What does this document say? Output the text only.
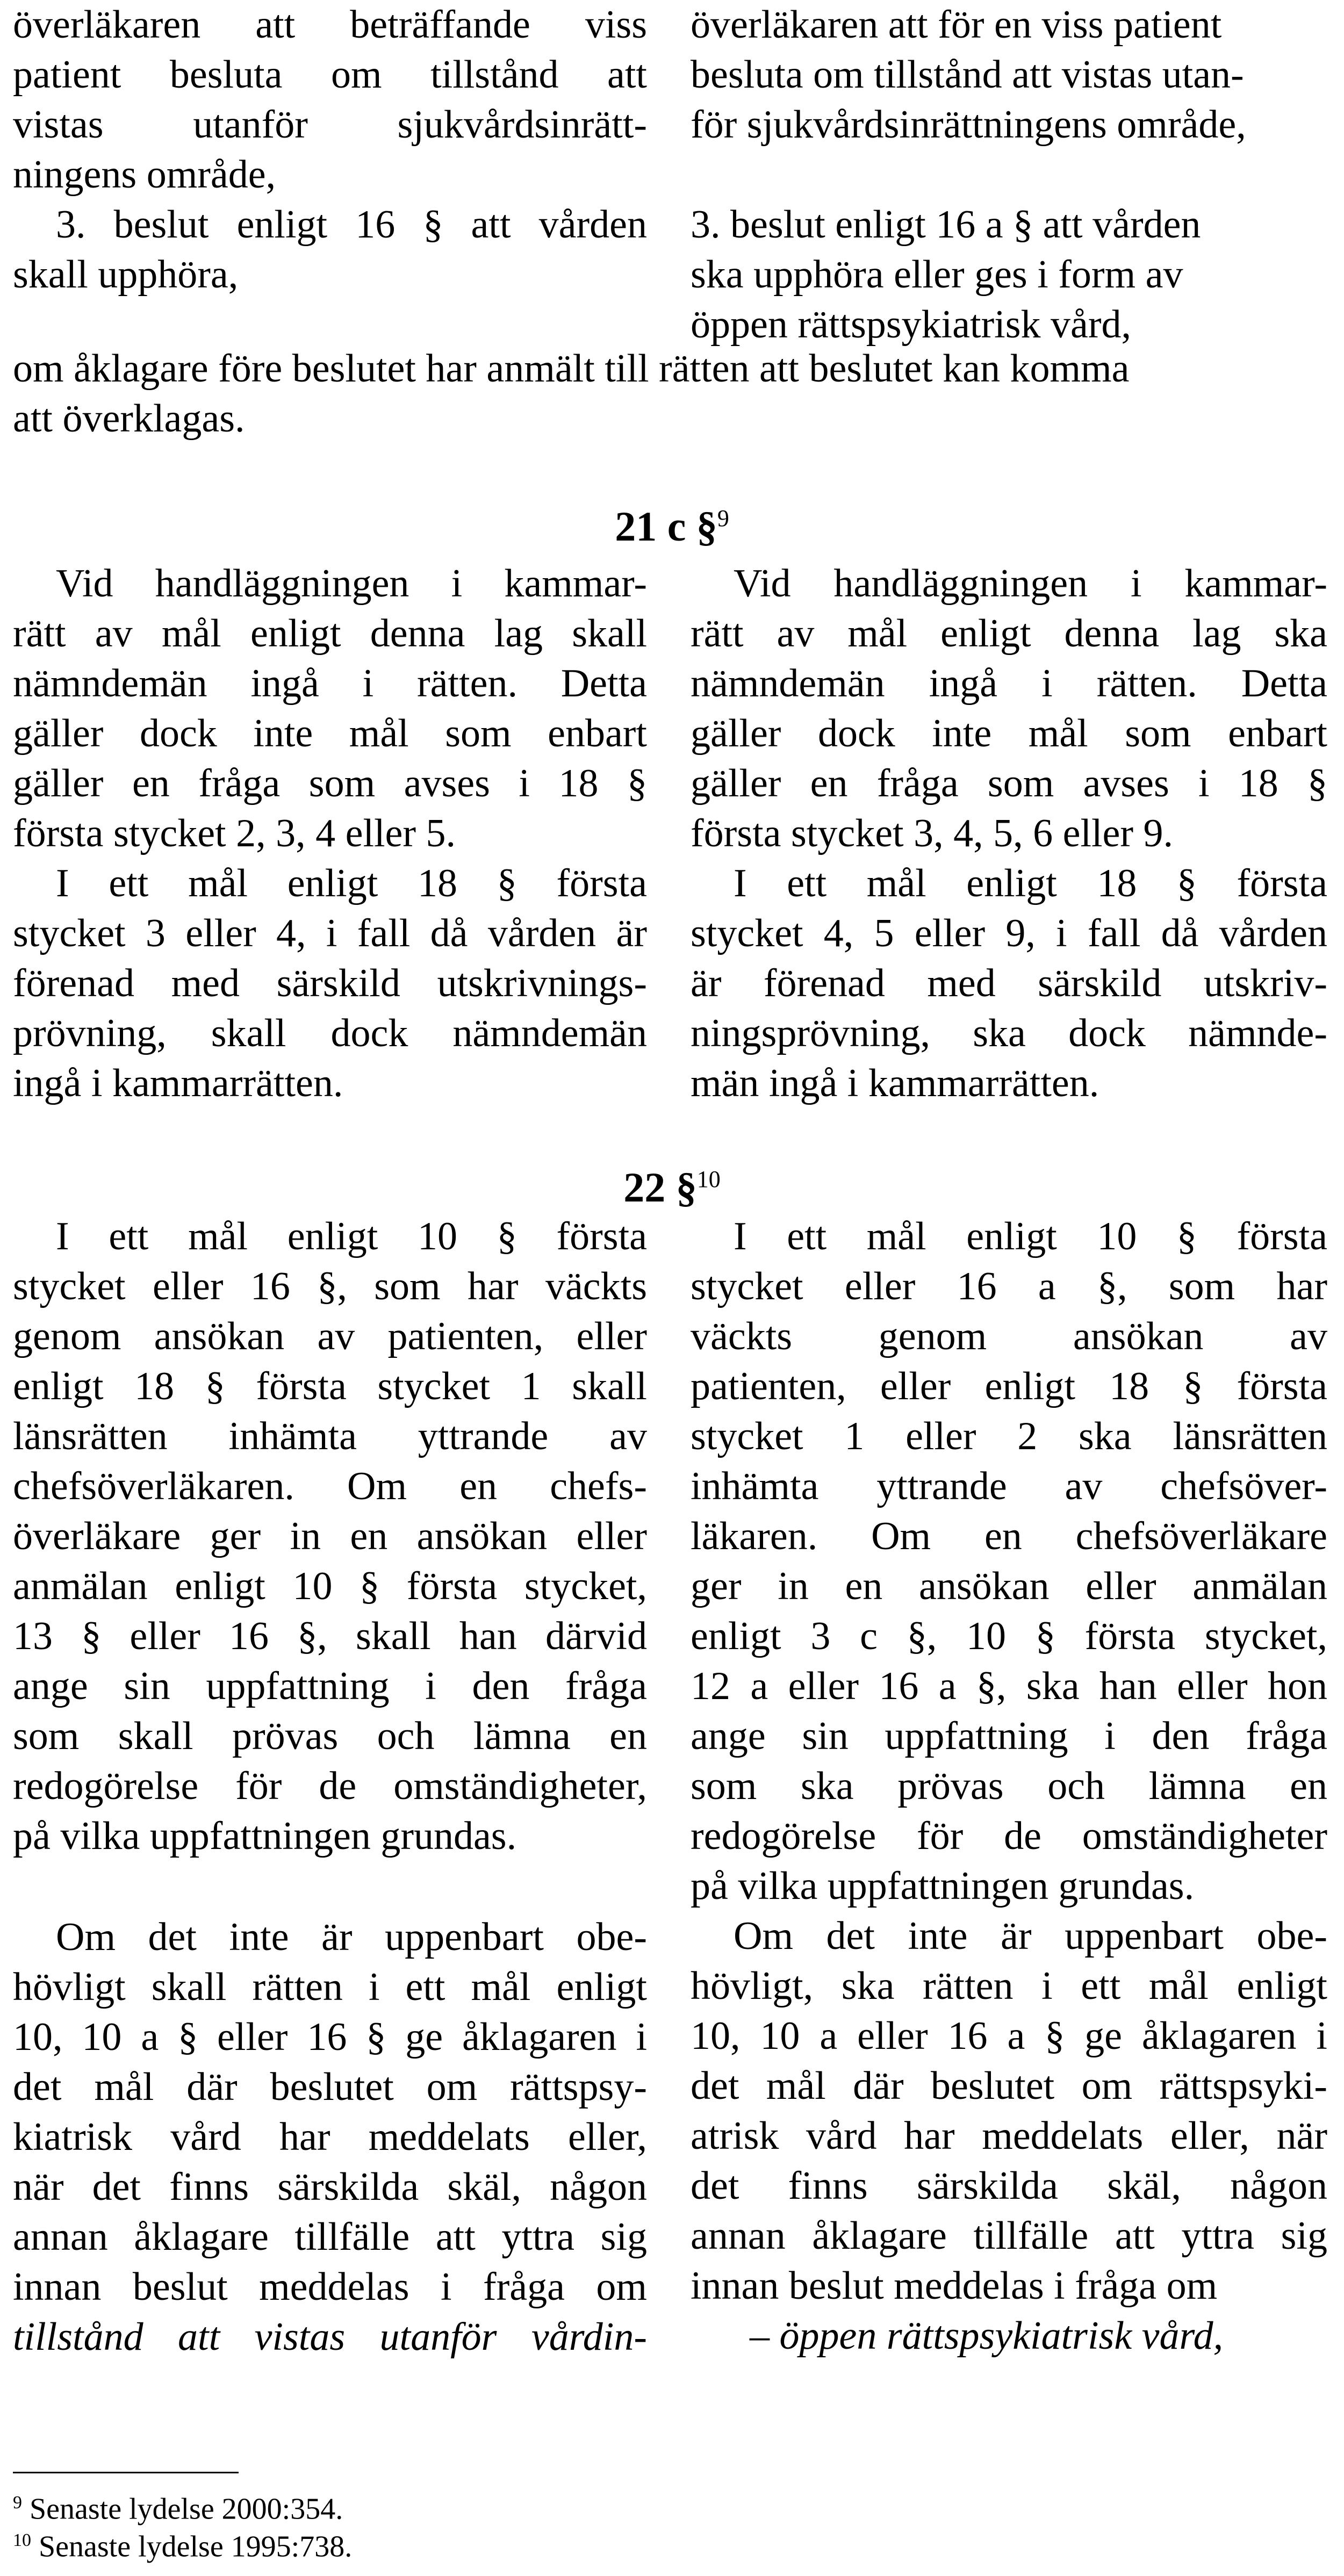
överläkaren att beträffande viss
patient besluta om tillstånd att
vistas utanför sjukvårdsinrätt-
ningens område,
3. beslut enligt 16 § att vården
skall upphöra,
överläkaren att för en viss patient
besluta om tillstånd att vistas utan-
för sjukvårdsinrättningens område,
3. beslut enligt 16 a § att vården
ska upphöra eller ges i form av
öppen rättspsykiatrisk vård,
om åklagare före beslutet har anmält till rätten att beslutet kan komma
att överklagas.
21 c §$^9$
Vid handläggningen i kammar-
rätt av mål enligt denna lag skall
nämndemän ingå i rätten. Detta
gäller dock inte mål som enbart
gäller en fråga som avses i 18 §
första stycket 2, 3, 4 eller 5.
I ett mål enligt 18 § första
stycket 3 eller 4, i fall då vården är
förenad med särskild utskrivnings-
prövning, skall dock nämndemän
ingå i kammarrätten.
Vid handläggningen i kammar-
rätt av mål enligt denna lag ska
nämndemän ingå i rätten. Detta
gäller dock inte mål som enbart
gäller en fråga som avses i 18 §
första stycket 3, 4, 5, 6 eller 9.
I ett mål enligt 18 § första
stycket 4, 5 eller 9, i fall då vården
är förenad med särskild utskriv-
ningsprövning, ska dock nämnde-
män ingå i kammarrätten.
22 §$^{10}$
I ett mål enligt 10 § första
stycket eller 16 §, som har väckts
genom ansökan av patienten, eller
enligt 18 § första stycket 1 skall
länsrätten inhämta yttrande av
chefsöverläkaren. Om en chefs-
överläkare ger in en ansökan eller
anmälan enligt 10 § första stycket,
13 § eller 16 §, skall han därvid
ange sin uppfattning i den fråga
som skall prövas och lämna en
redogörelse för de omständigheter,
på vilka uppfattningen grundas.
Om det inte är uppenbart obe-
hövligt skall rätten i ett mål enligt
10, 10 a § eller 16 § ge åklagaren i
det mål där beslutet om rättspsy-
kiatrisk vård har meddelats eller,
när det finns särskilda skäl, någon
annan åklagare tillfälle att yttra sig
innan beslut meddelas i fråga om
tillstånd att vistas utanför vårdin-
I ett mål enligt 10 § första
stycket eller 16 a §, som har
väckts genom ansökan av
patienten, eller enligt 18 § första
stycket 1 eller 2 ska länsrätten
inhämta yttrande av chefsöver-
läkaren. Om en chefsöverläkare
ger in en ansökan eller anmälan
enligt 3 c §, 10 § första stycket,
12 a eller 16 a §, ska han eller hon
ange sin uppfattning i den fråga
som ska prövas och lämna en
redogörelse för de omständigheter
på vilka uppfattningen grundas.
Om det inte är uppenbart obe-
hövligt, ska rätten i ett mål enligt
10, 10 a eller 16 a § ge åklagaren i
det mål där beslutet om rättspsyki-
atrisk vård har meddelats eller, när
det finns särskilda skäl, någon
annan åklagare tillfälle att yttra sig
innan beslut meddelas i fråga om
– öppen rättspsykiatrisk vård,
$^9$ Senaste lydelse 2000:354.
$^{10}$ Senaste lydelse 1995:738.
